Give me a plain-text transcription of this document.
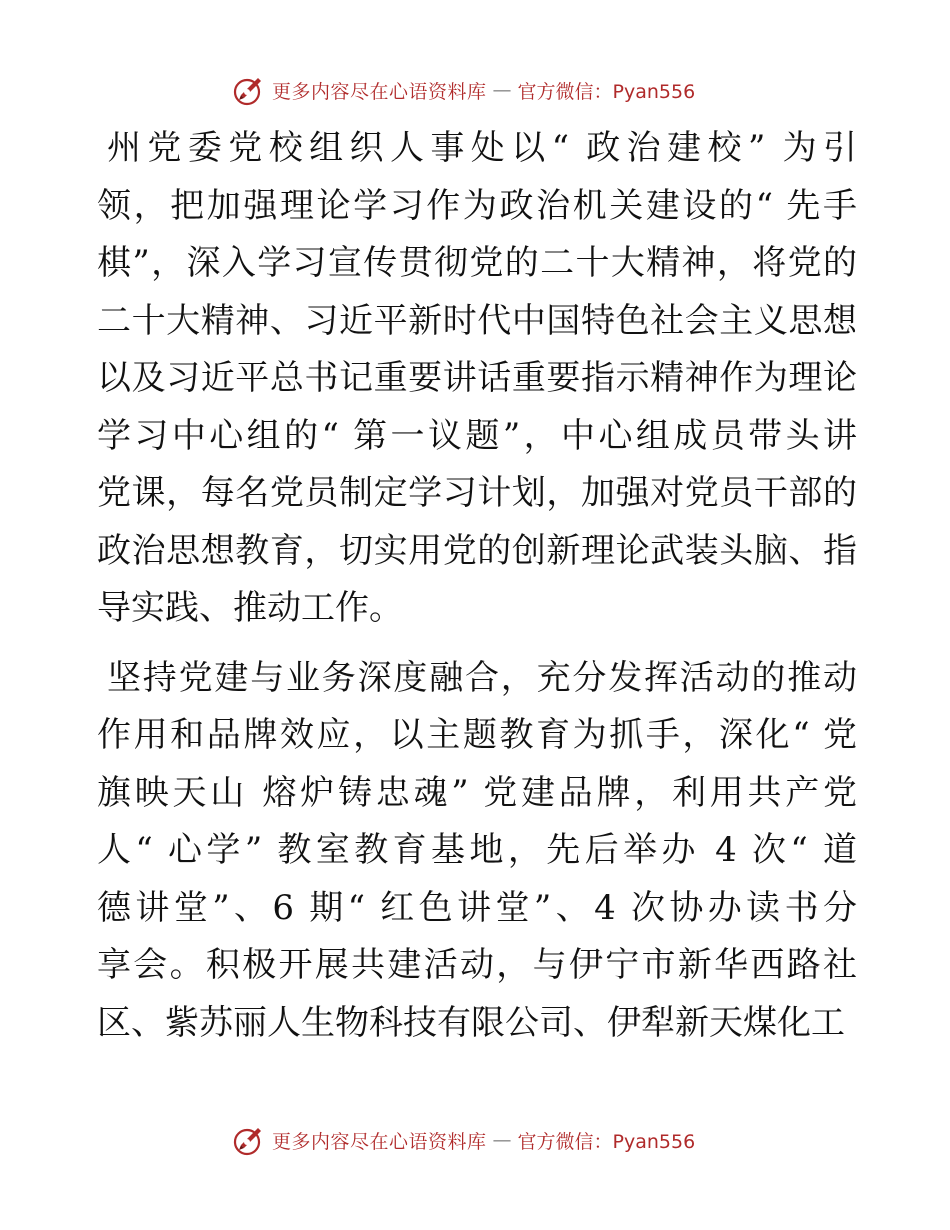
更多内容尽在心语资料库 — 官方微信：Pyan556
州党委党校组织人事处以“ 政治建校” 为引
领，把加强理论学习作为政治机关建设的“ 先手
棋”，深入学习宣传贯彻党的二十大精神，将党的
二十大精神、习近平新时代中国特色社会主义思想
以及习近平总书记重要讲话重要指示精神作为理论
学习中心组的“ 第一议题”，中心组成员带头讲
党课，每名党员制定学习计划，加强对党员干部的
政治思想教育，切实用党的创新理论武装头脑、指
导实践、推动工作。
坚持党建与业务深度融合，充分发挥活动的推动
作用和品牌效应，以主题教育为抓手，深化“ 党
旗映天山 熔炉铸忠魂” 党建品牌，利用共产党
人“ 心学” 教室教育基地，先后举办 4 次“ 道
德讲堂”、6 期“ 红色讲堂”、4 次协办读书分
享会。积极开展共建活动，与伊宁市新华西路社
区、紫苏丽人生物科技有限公司、伊犁新天煤化工
更多内容尽在心语资料库 — 官方微信：Pyan556
